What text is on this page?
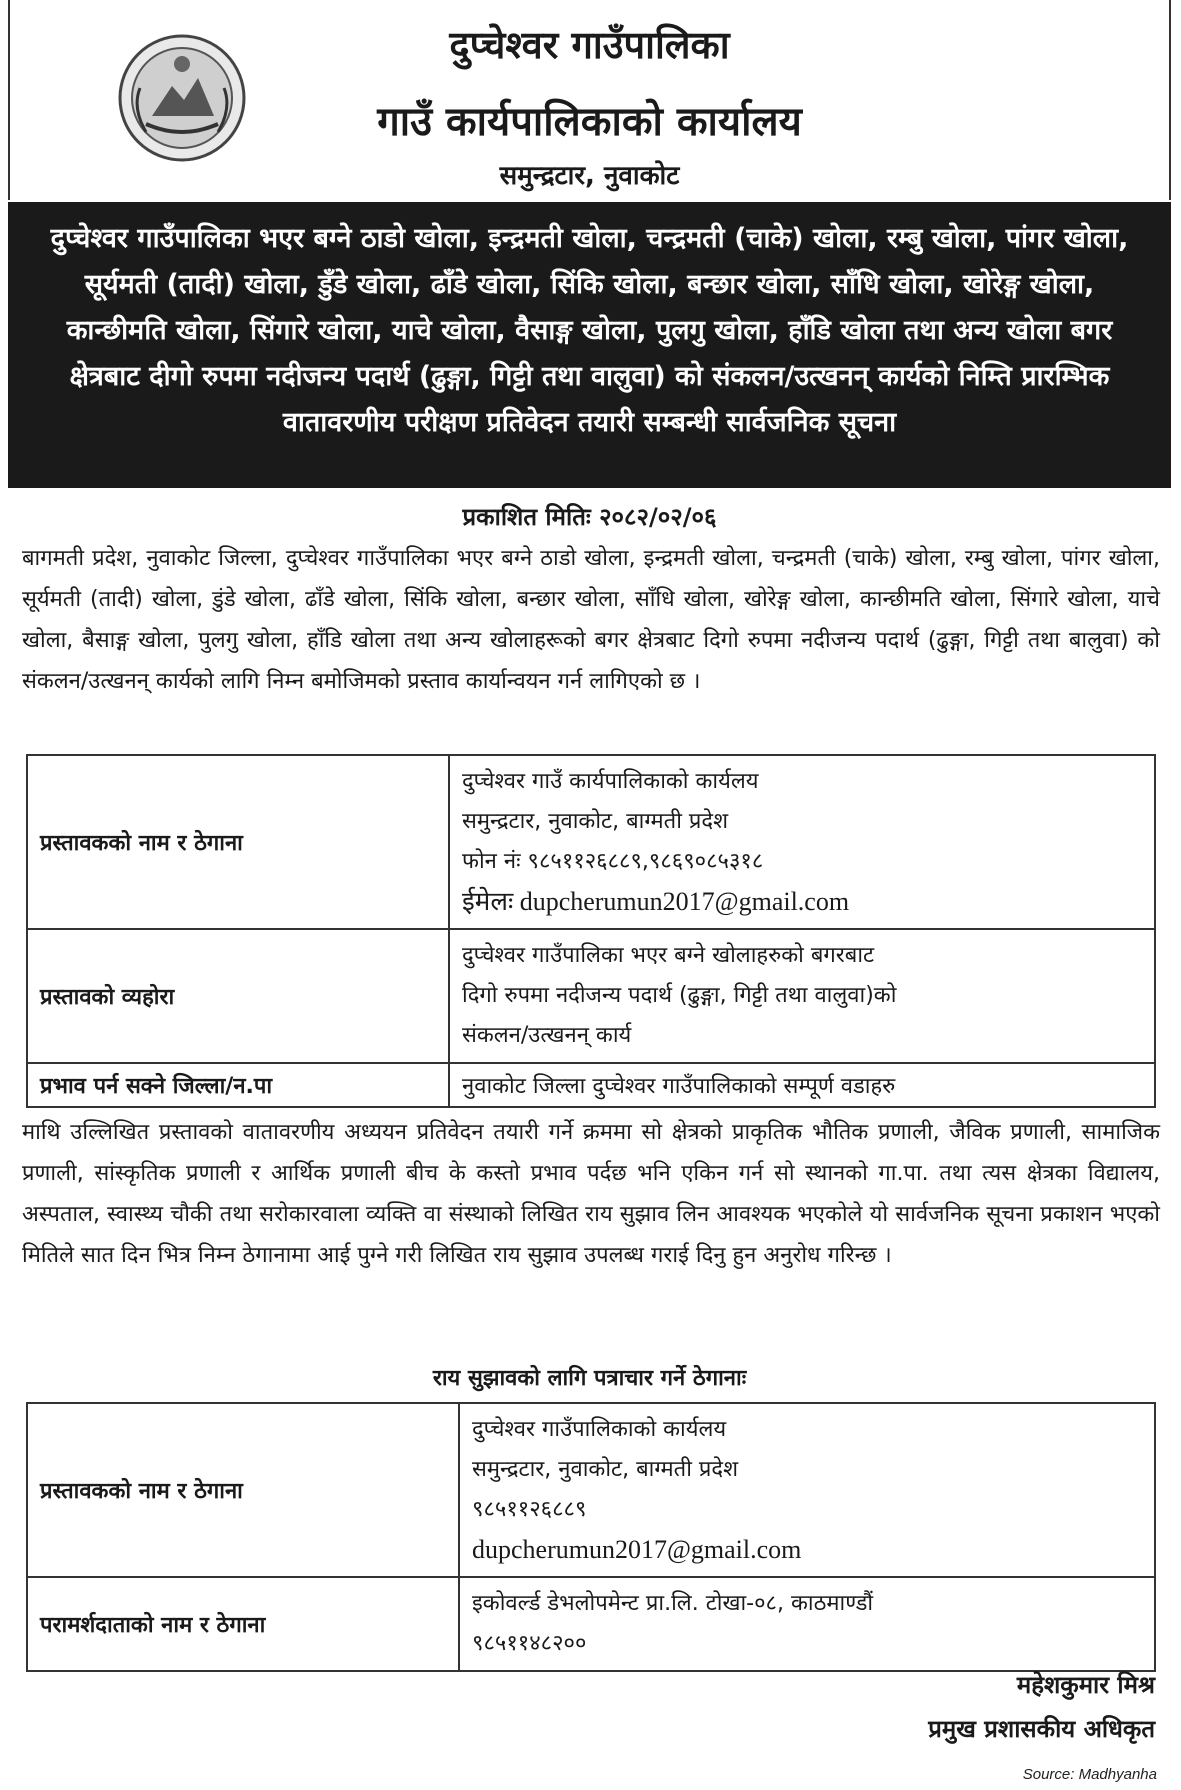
दुप्चेश्वर गाउँपालिका
गाउँ कार्यपालिकाको कार्यालय
समुन्द्रटार, नुवाकोट
दुप्चेश्वर गाउँपालिका भएर बग्ने ठाडो खोला, इन्द्रमती खोला, चन्द्रमती (चाके) खोला, रम्बु खोला, पांगर खोला, सूर्यमती (तादी) खोला, डुँडे खोला, ढाँडे खोला, सिंकि खोला, बन्छार खोला, साँधि खोला, खोरेङ्ग खोला, कान्छीमति खोला, सिंगारे खोला, याचे खोला, वैसाङ्ग खोला, पुलगु खोला, हाँडि खोला तथा अन्य खोला बगर क्षेत्रबाट दीगो रुपमा नदीजन्य पदार्थ (ढुङ्गा, गिट्टी तथा वालुवा) को संकलन/उत्खनन् कार्यको निम्ति प्रारम्भिक वातावरणीय परीक्षण प्रतिवेदन तयारी सम्बन्धी सार्वजनिक सूचना
प्रकाशित मितिः २०८२/०२/०६
बागमती प्रदेश, नुवाकोट जिल्ला, दुप्चेश्वर गाउँपालिका भएर बग्ने ठाडो खोला, इन्द्रमती खोला, चन्द्रमती (चाके) खोला, रम्बु खोला, पांगर खोला, सूर्यमती (तादी) खोला, डुंडे खोला, ढाँडे खोला, सिंकि खोला, बन्छार खोला, साँधि खोला, खोरेङ्ग खोला, कान्छीमति खोला, सिंगारे खोला, याचे खोला, बैसाङ्ग खोला, पुलगु खोला, हाँडि खोला तथा अन्य खोलाहरूको बगर क्षेत्रबाट दिगो रुपमा नदीजन्य पदार्थ (ढुङ्गा, गिट्टी तथा बालुवा) को संकलन/उत्खनन् कार्यको लागि निम्न बमोजिमको प्रस्ताव कार्यान्वयन गर्न लागिएको छ ।
प्रस्तावकको नाम र ठेगाना	दुप्चेश्वर गाउँ कार्यपालिकाको कार्यलय
समुन्द्रटार, नुवाकोट, बाग्मती प्रदेश
फोन नंः ९८५११२६८८९,९८६९०८५३१८
ईमेलः dupcherumun2017@gmail.com

प्रस्तावको व्यहोरा	दुप्चेश्वर गाउँपालिका भएर बग्ने खोलाहरुको बगरबाट
दिगो रुपमा नदीजन्य पदार्थ (ढुङ्गा, गिट्टी तथा वालुवा)को
संकलन/उत्खनन् कार्य

प्रभाव पर्न सक्ने जिल्ला/न.पा	नुवाकोट जिल्ला दुप्चेश्वर गाउँपालिकाको सम्पूर्ण वडाहरु
माथि उल्लिखित प्रस्तावको वातावरणीय अध्ययन प्रतिवेदन तयारी गर्ने क्रममा सो क्षेत्रको प्राकृतिक भौतिक प्रणाली, जैविक प्रणाली, सामाजिक प्रणाली, सांस्कृतिक प्रणाली र आर्थिक प्रणाली बीच के कस्तो प्रभाव पर्दछ भनि एकिन गर्न सो स्थानको गा.पा. तथा त्यस क्षेत्रका विद्यालय, अस्पताल, स्वास्थ्य चौकी तथा सरोकारवाला व्यक्ति वा संस्थाको लिखित राय सुझाव लिन आवश्यक भएकोले यो सार्वजनिक सूचना प्रकाशन भएको मितिले सात दिन भित्र निम्न ठेगानामा आई पुग्ने गरी लिखित राय सुझाव उपलब्ध गराई दिनु हुन अनुरोध गरिन्छ ।
राय सुझावको लागि पत्राचार गर्ने ठेगानाः
प्रस्तावकको नाम र ठेगाना	दुप्चेश्वर गाउँपालिकाको कार्यलय
समुन्द्रटार, नुवाकोट, बाग्मती प्रदेश
९८५११२६८८९
dupcherumun2017@gmail.com

परामर्शदाताको नाम र ठेगाना	इकोवर्ल्ड डेभलोपमेन्ट प्रा.लि. टोखा-०८, काठमाण्डौं
९८५११४८२००
महेशकुमार मिश्र
प्रमुख प्रशासकीय अधिकृत
Source: Madhyanha
